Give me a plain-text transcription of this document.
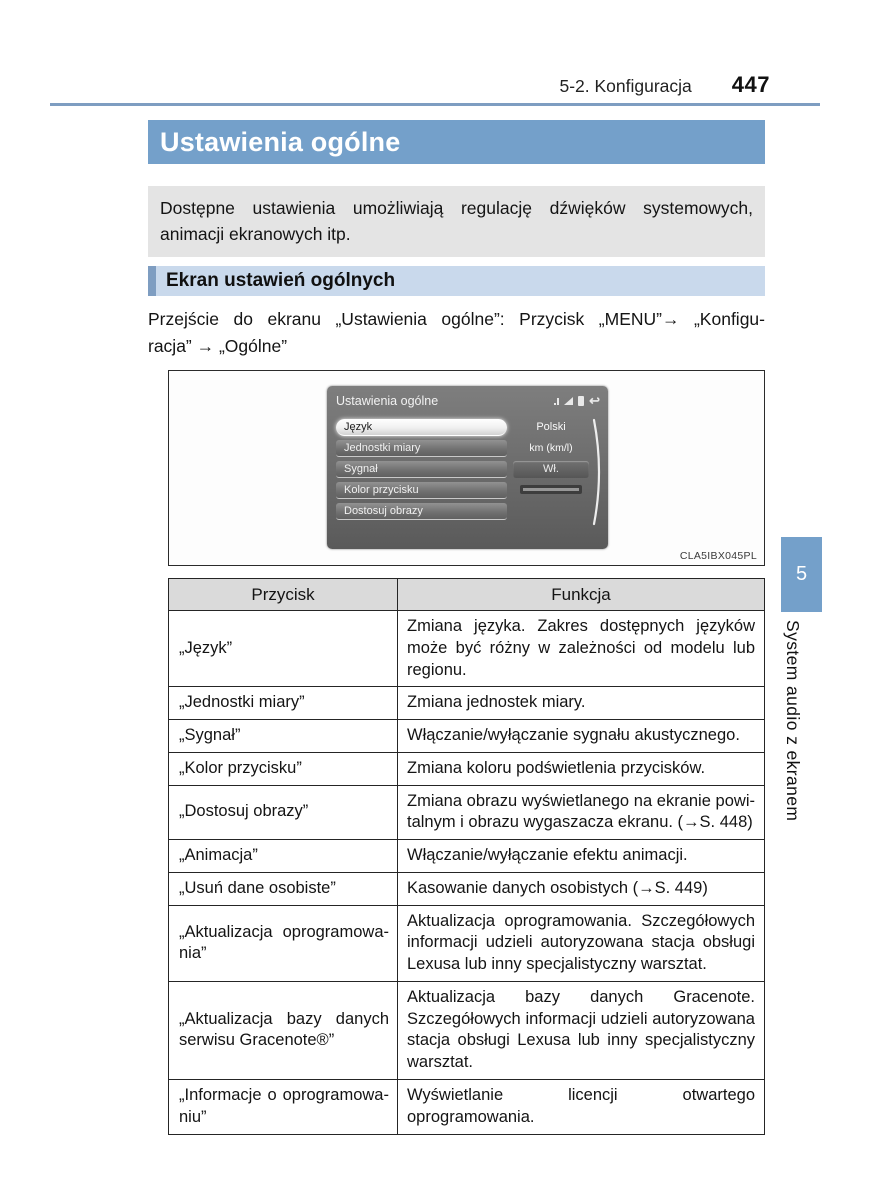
5-2. Konfiguracja 447
Ustawienia ogólne
Dostępne ustawienia umożliwiają regulację dźwięków systemowych, animacji ekranowych itp.
Ekran ustawień ogólnych
Przejście do ekranu „Ustawienia ogólne”: Przycisk „MENU”→ „Konfigu-
racja” → „Ogólne”
Ustawienia ogólne	↩
Język
Jednostki miary
Sygnał
Kolor przycisku
Dostosuj obrazy
Polski
km (km/l)
Wł.
CLA5IBX045PL
Przycisk	Funkcja
„Język”	Zmiana języka. Zakres dostępnych języków może być różny w zależności od modelu lub regionu.
„Jednostki miary”	Zmiana jednostek miary.
„Sygnał”	Włączanie/wyłączanie sygnału akustycznego.
„Kolor przycisku”	Zmiana koloru podświetlenia przycisków.
„Dostosuj obrazy”	Zmiana obrazu wyświetlanego na ekranie powitalnym i obrazu wygaszacza ekranu. (→S. 448)
„Animacja”	Włączanie/wyłączanie efektu animacji.
„Usuń dane osobiste”	Kasowanie danych osobistych (→S. 449)
„Aktualizacja oprogramowania”	Aktualizacja oprogramowania. Szczegółowych informacji udzieli autoryzowana stacja obsługi Lexusa lub inny specjalistyczny warsztat.
„Aktualizacja bazy danych serwisu Gracenote®”	Aktualizacja bazy danych Gracenote. Szczegółowych informacji udzieli autoryzowana stacja obsługi Lexusa lub inny specjalistyczny warsztat.
„Informacje o oprogramowaniu”	Wyświetlanie licencji otwartego oprogramowania.
5
System audio z ekranem
